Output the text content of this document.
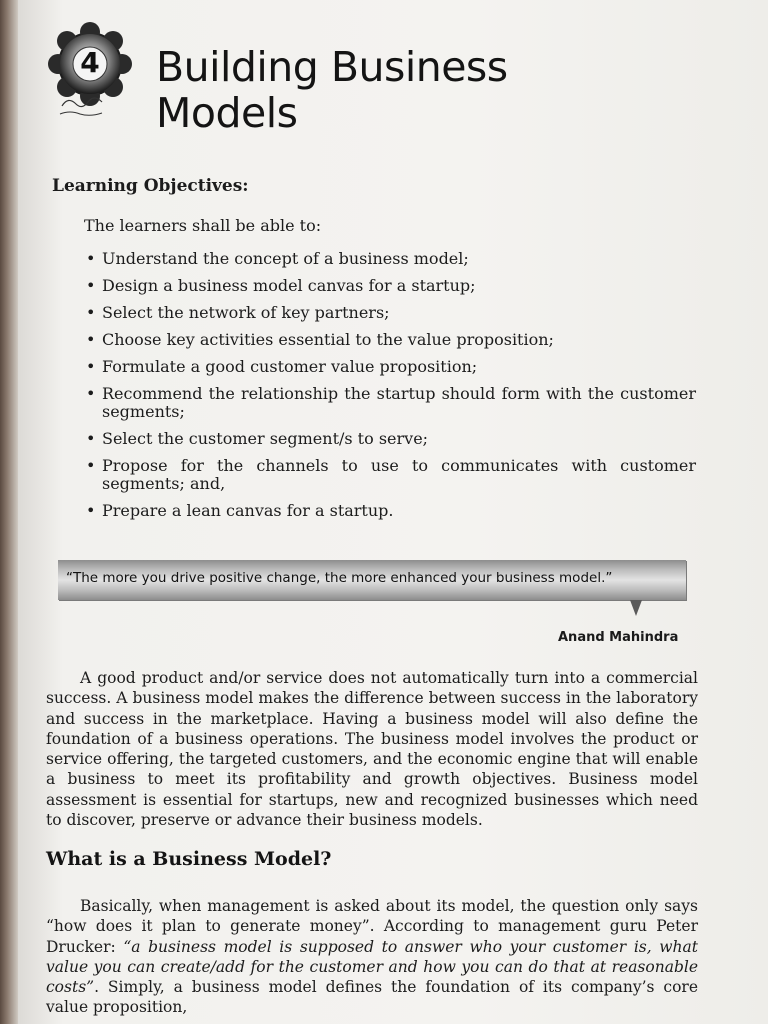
4	Building Business
Models
Learning Objectives:
The learners shall be able to:
• Understand the concept of a business model;
• Design a business model canvas for a startup;
• Select the network of key partners;
• Choose key activities essential to the value proposition;
• Formulate a good customer value proposition;
• Recommend the relationship the startup should form with the customer segments;
• Select the customer segment/s to serve;
• Propose for the channels to use to communicates with customer segments; and,
• Prepare a lean canvas for a startup.
“The more you drive positive change, the more enhanced your business model.”
Anand Mahindra

A good product and/or service does not automatically turn into a commercial success. A business model makes the difference between success in the laboratory and success in the marketplace. Having a business model will also define the foundation of a business operations. The business model involves the product or service offering, the targeted customers, and the economic engine that will enable a business to meet its profitability and growth objectives. Business model assessment is essential for startups, new and recognized businesses which need to discover, preserve or advance their business models.

What is a Business Model?

Basically, when management is asked about its model, the question only says “how does it plan to generate money”. According to management guru Peter Drucker: “a business model is supposed to answer who your customer is, what value you can create/add for the customer and how you can do that at reasonable costs”. Simply, a business model defines the foundation of its company’s core value proposition,
